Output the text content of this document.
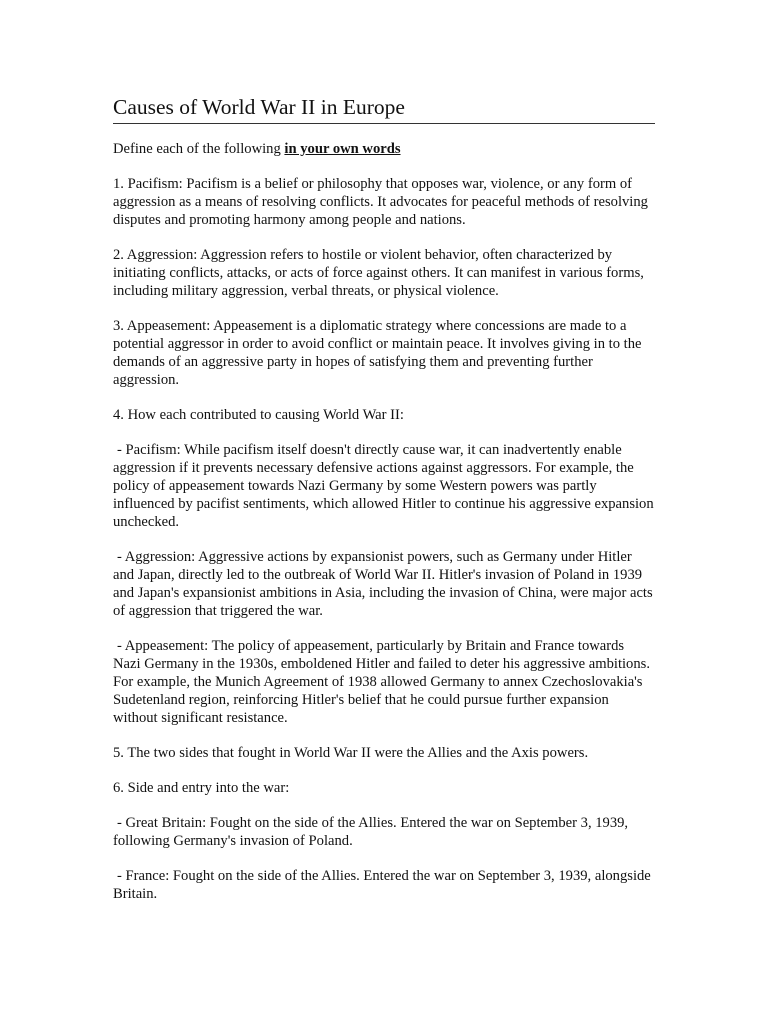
Causes of World War II in Europe

Define each of the following in your own words

1. Pacifism: Pacifism is a belief or philosophy that opposes war, violence, or any form of aggression as a means of resolving conflicts. It advocates for peaceful methods of resolving disputes and promoting harmony among people and nations.

2. Aggression: Aggression refers to hostile or violent behavior, often characterized by initiating conflicts, attacks, or acts of force against others. It can manifest in various forms, including military aggression, verbal threats, or physical violence.

3. Appeasement: Appeasement is a diplomatic strategy where concessions are made to a potential aggressor in order to avoid conflict or maintain peace. It involves giving in to the demands of an aggressive party in hopes of satisfying them and preventing further aggression.

4. How each contributed to causing World War II:

- Pacifism: While pacifism itself doesn't directly cause war, it can inadvertently enable aggression if it prevents necessary defensive actions against aggressors. For example, the policy of appeasement towards Nazi Germany by some Western powers was partly influenced by pacifist sentiments, which allowed Hitler to continue his aggressive expansion unchecked.

- Aggression: Aggressive actions by expansionist powers, such as Germany under Hitler and Japan, directly led to the outbreak of World War II. Hitler's invasion of Poland in 1939 and Japan's expansionist ambitions in Asia, including the invasion of China, were major acts of aggression that triggered the war.

- Appeasement: The policy of appeasement, particularly by Britain and France towards Nazi Germany in the 1930s, emboldened Hitler and failed to deter his aggressive ambitions. For example, the Munich Agreement of 1938 allowed Germany to annex Czechoslovakia's Sudetenland region, reinforcing Hitler's belief that he could pursue further expansion without significant resistance.

5. The two sides that fought in World War II were the Allies and the Axis powers.

6. Side and entry into the war:

- Great Britain: Fought on the side of the Allies. Entered the war on September 3, 1939, following Germany's invasion of Poland.

- France: Fought on the side of the Allies. Entered the war on September 3, 1939, alongside Britain.
